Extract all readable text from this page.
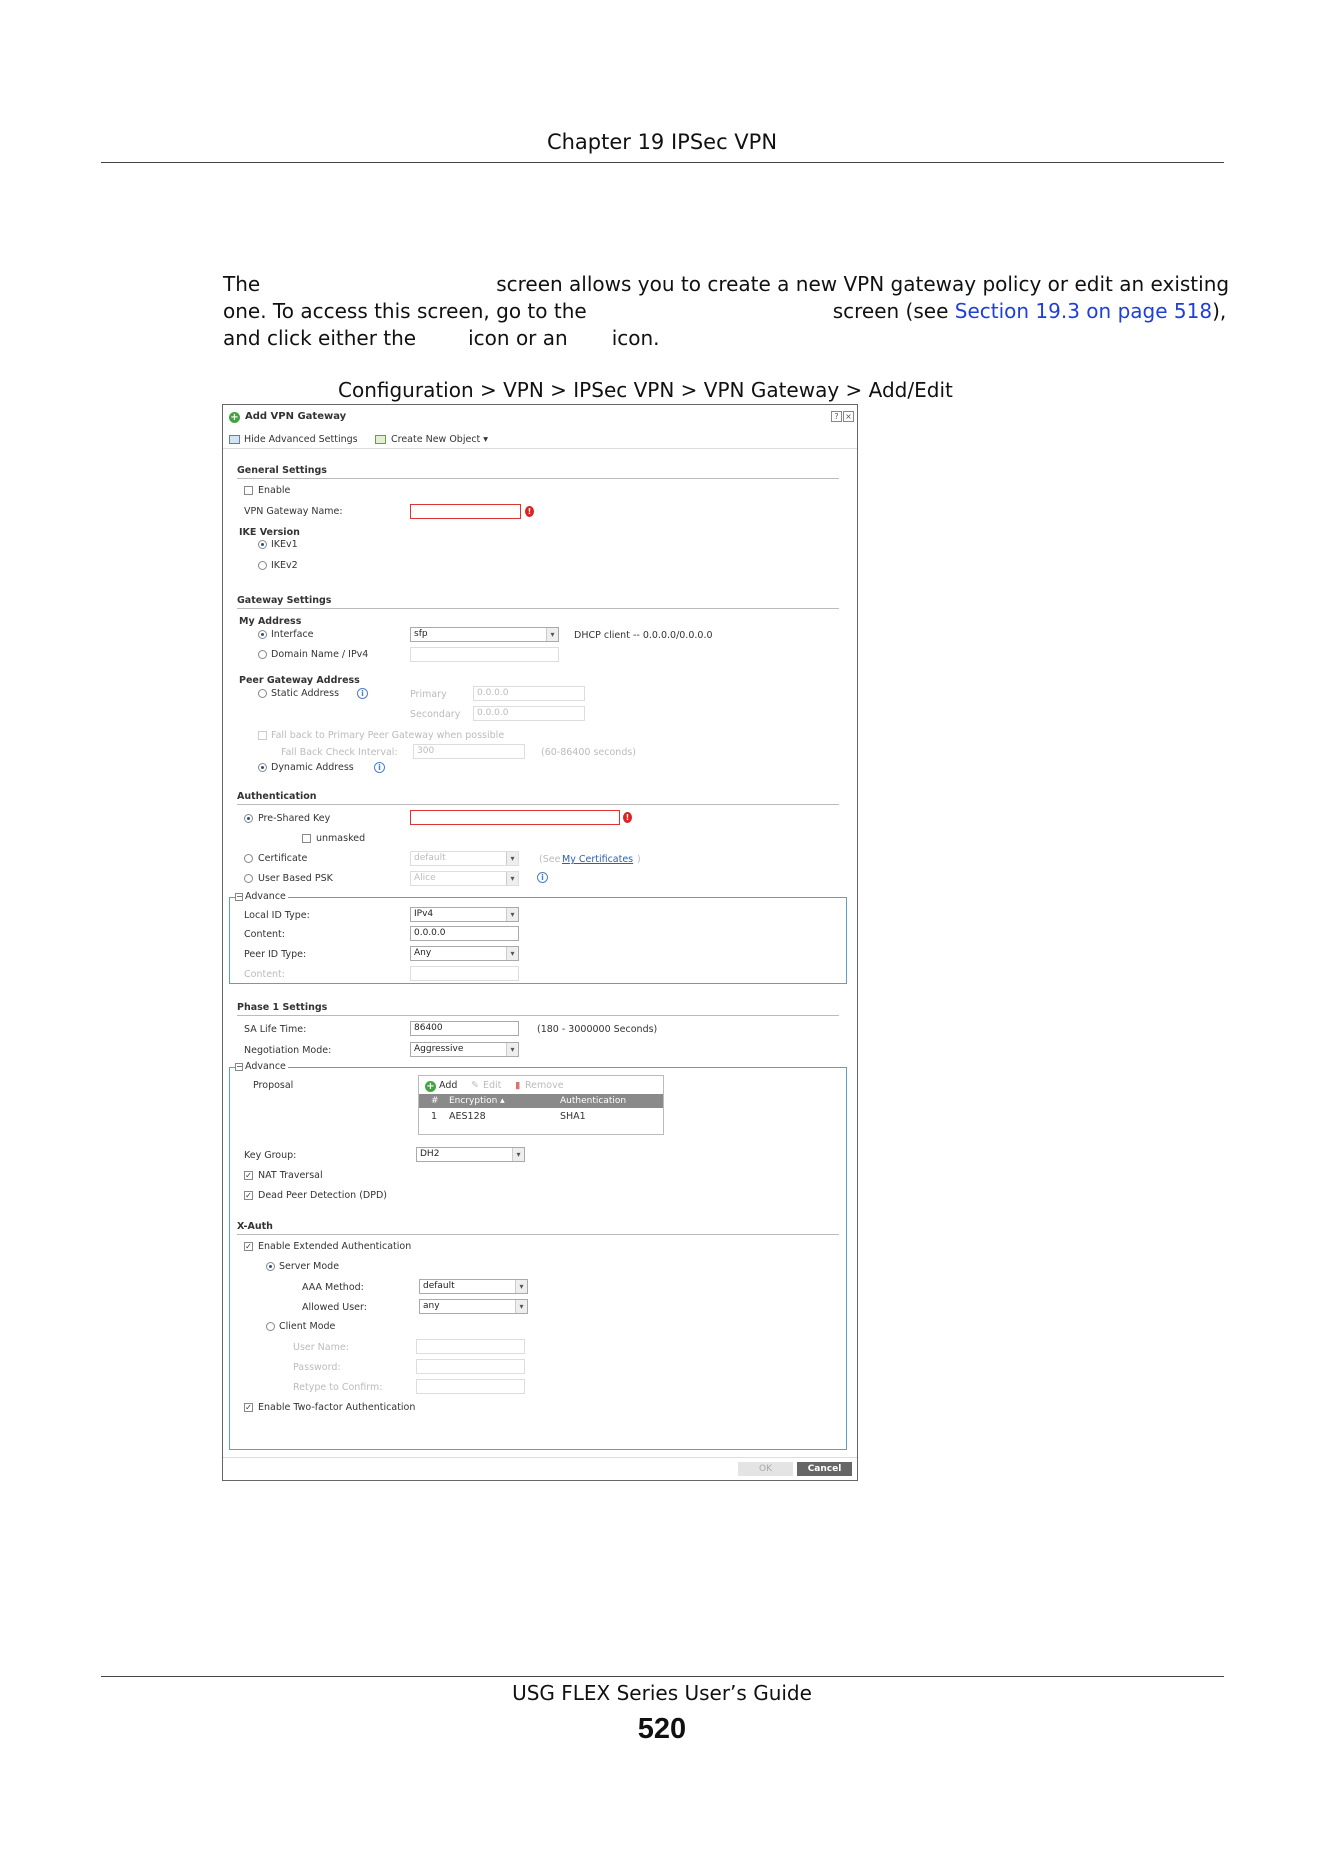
Chapter 19 IPSec VPN
The	screen allows you to create a new VPN gateway policy or edit an existing
one. To access this screen, go to the	screen (see Section 19.3 on page 518),
and click either the	icon or an icon.
Configuration > VPN > IPSec VPN > VPN Gateway > Add/Edit
+ Add VPN Gateway	? ×
Hide Advanced Settings	Create New Object ▾
General Settings
Enable
VPN Gateway Name:	!
IKE Version
IKEv1
IKEv2
Gateway Settings
My Address
Interface	sfp ▾	DHCP client -- 0.0.0.0/0.0.0.0
Domain Name / IPv4
Peer Gateway Address
Static Address	i	Primary	0.0.0.0
Secondary	0.0.0.0
Fall back to Primary Peer Gateway when possible
Fall Back Check Interval:	300	(60-86400 seconds)
Dynamic Address	i
Authentication
Pre-Shared Key	!
unmasked
Certificate	default ▾	(See My Certificates )
User Based PSK	Alice ▾	i
− Advance
Local ID Type:	IPv4 ▾
Content:	0.0.0.0
Peer ID Type:	Any ▾
Content:
Phase 1 Settings
SA Life Time:	86400	(180 - 3000000 Seconds)
Negotiation Mode:	Aggressive ▾
− Advance
Proposal	+ Add ✎ Edit ▮ Remove
# Encryption ▴	Authentication
1 AES128	SHA1
Key Group:	DH2 ▾
✓ NAT Traversal
✓ Dead Peer Detection (DPD)
X-Auth
✓ Enable Extended Authentication
Server Mode
AAA Method:	default ▾
Allowed User:	any ▾
Client Mode
User Name:
Password:
Retype to Confirm:
✓ Enable Two-factor Authentication
OK	Cancel
USG FLEX Series User’s Guide
520
